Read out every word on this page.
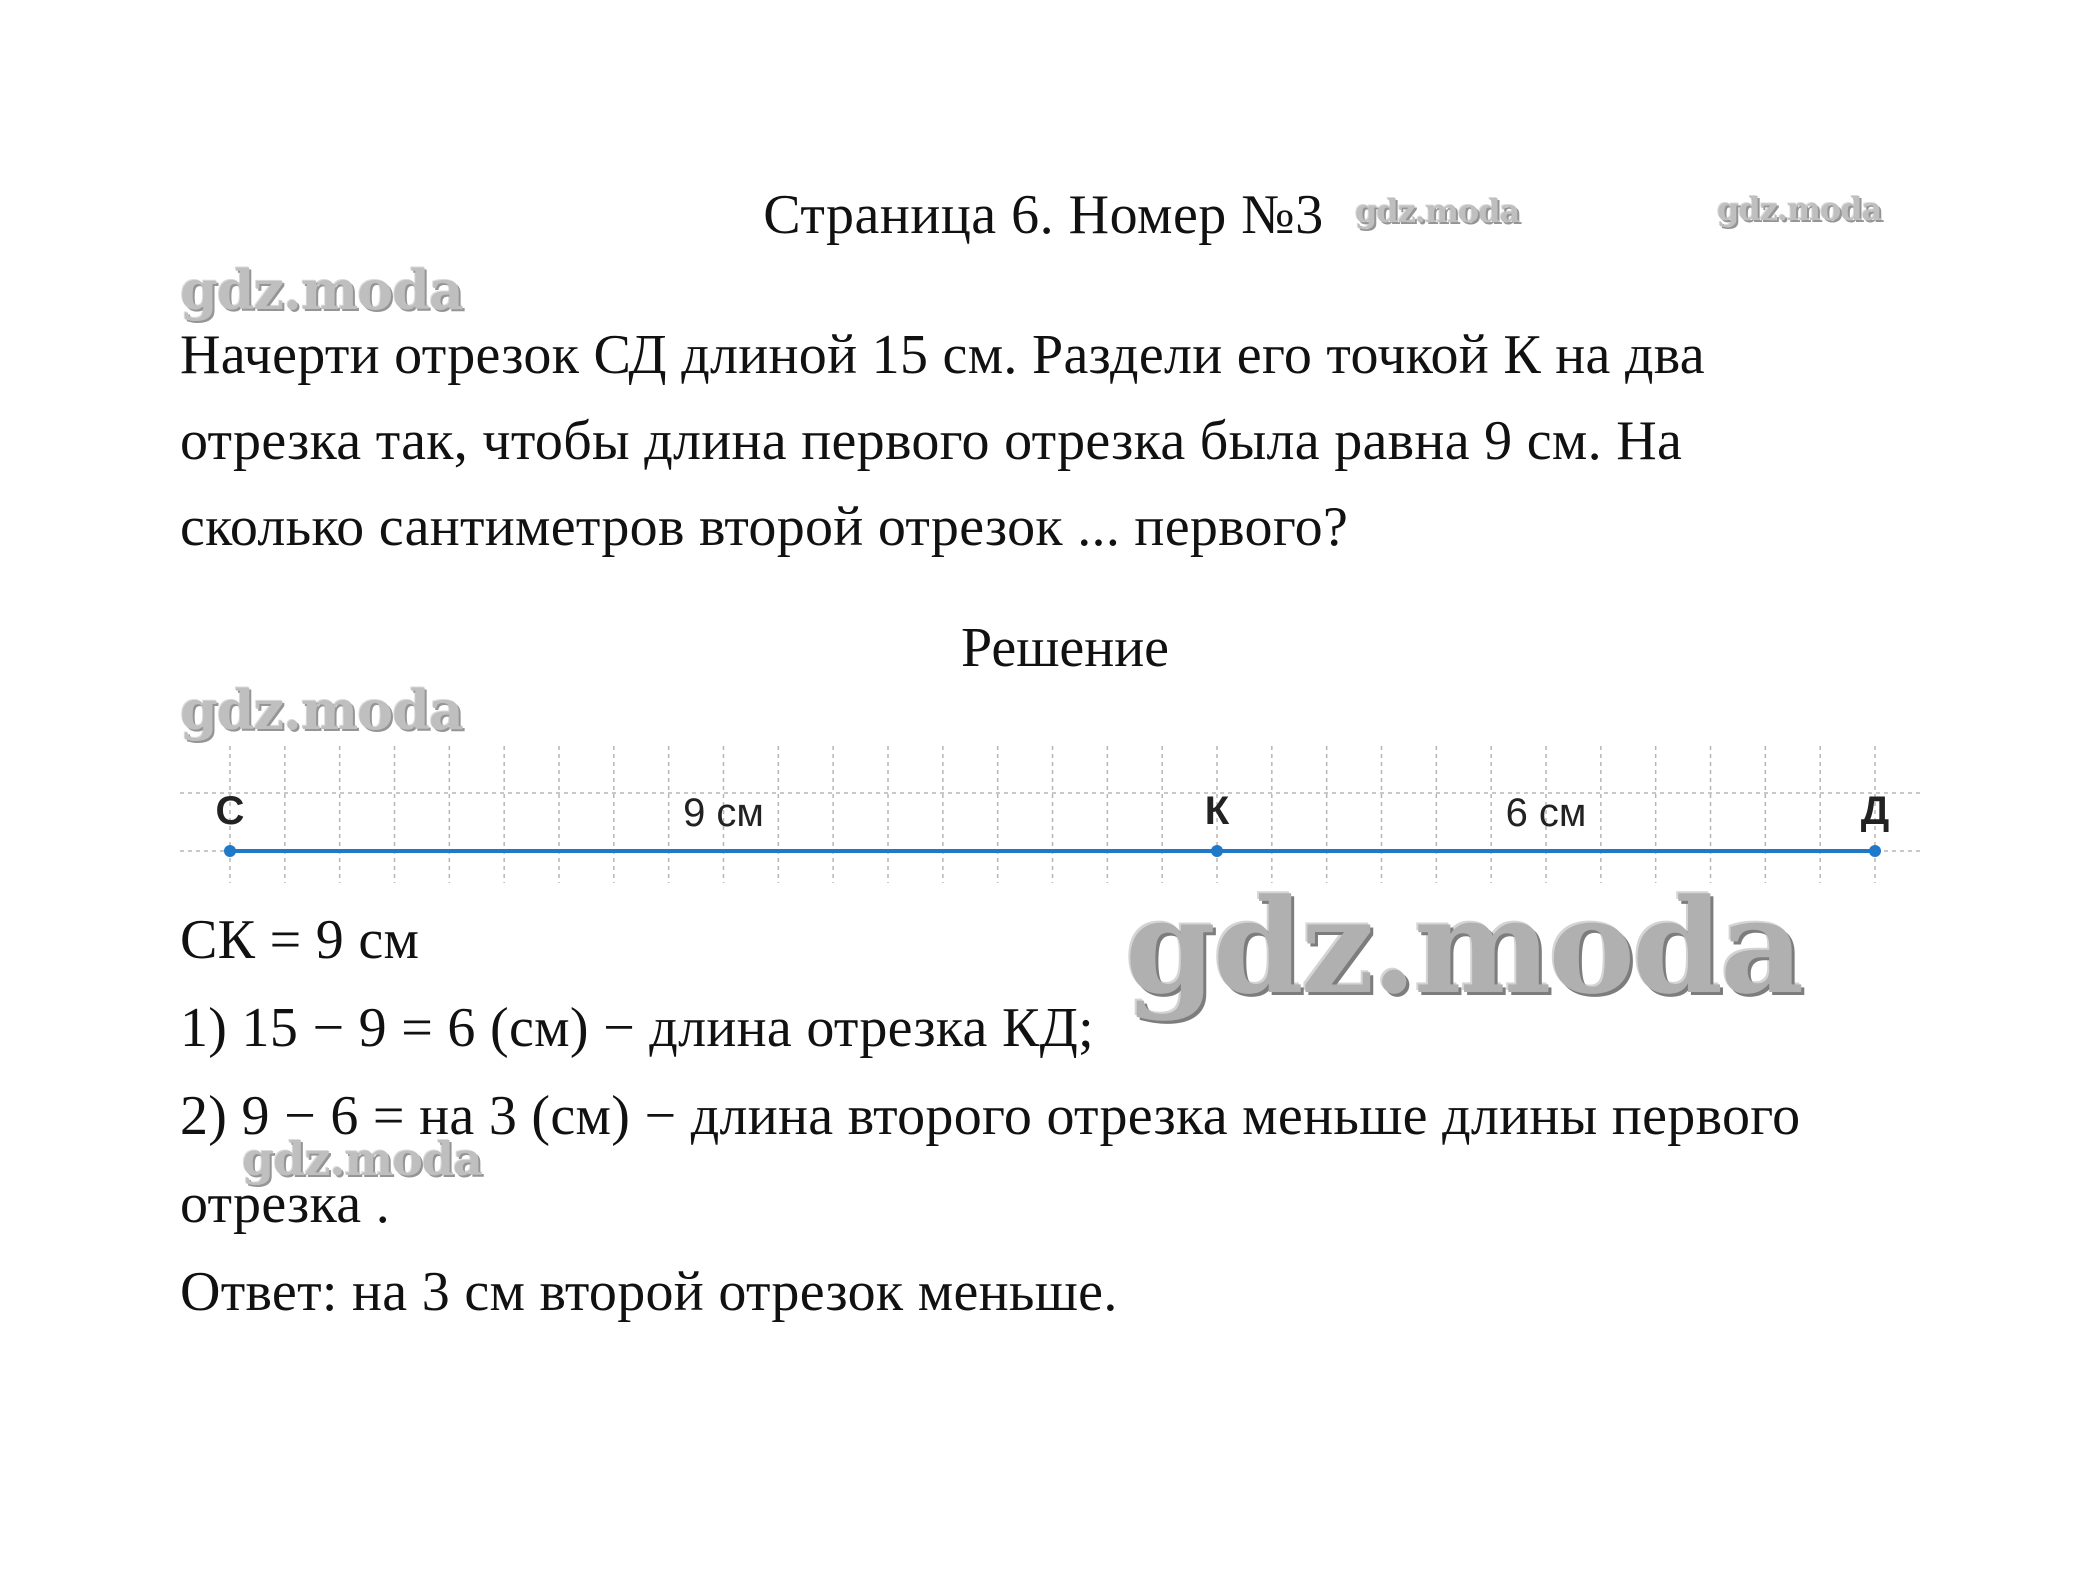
Страница 6. Номер №3
Начерти отрезок СД длиной 15 см. Раздели его точкой К на два
отрезка так, чтобы длина первого отрезка была равна 9 см. На
сколько сантиметров второй отрезок ... первого?
Решение
С	К	Д
9 см	6 см
СК = 9 см
1) 15 − 9 = 6 (см) − длина отрезка КД;
2) 9 − 6 = на 3 (см) − длина второго отрезка меньше длины первого
отрезка .
Ответ: на 3 см второй отрезок меньше.
gdz.moda	gdz.moda
gdz.moda
gdz.moda
gdz.moda
gdz.moda
